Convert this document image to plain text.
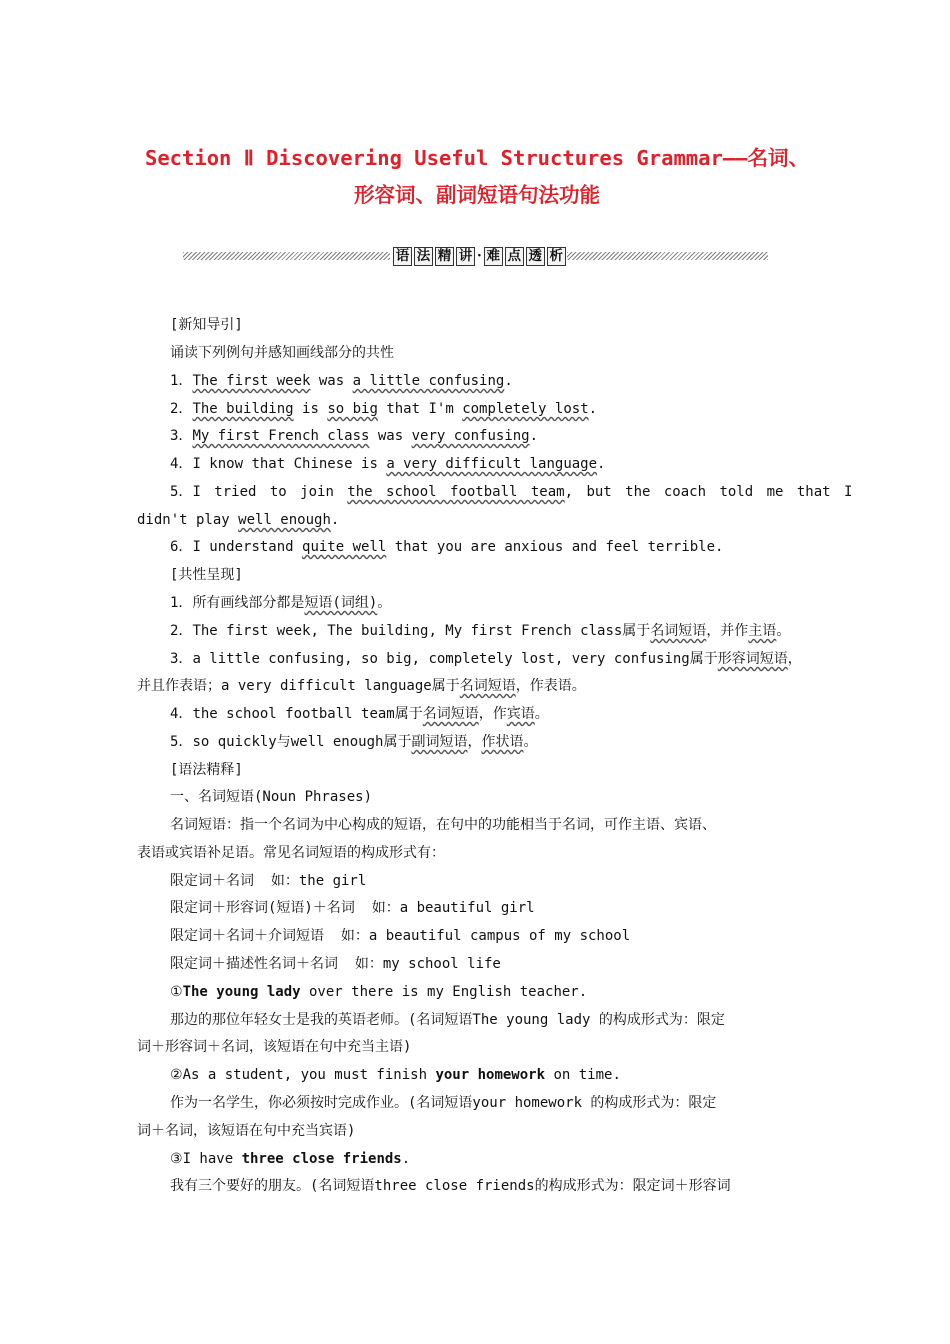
Section Ⅱ Discovering Useful Structures Grammar——名词、
形容词、副词短语句法功能
语 法 精 讲 · 难 点 透 析
[新知导引]
诵读下列例句并感知画线部分的共性
1．The first week was a little confusing.
2．The building is so big that I'm completely lost.
3．My first French class was very confusing.
4．I know that Chinese is a very difficult language.
5．I tried to join the school football team, but the coach told me that I
didn't play well enough.
6．I understand quite well that you are anxious and feel terrible.
[共性呈现]
1．所有画线部分都是短语(词组)。
2．The first week, The building, My first French class属于名词短语，并作主语。
3．a little confusing, so big, completely lost, very confusing属于形容词短语，
并且作表语；a very difficult language属于名词短语，作表语。
4．the school football team属于名词短语，作宾语。
5．so quickly与well enough属于副词短语，作状语。
[语法精释]
一、名词短语(Noun Phrases)
名词短语：指一个名词为中心构成的短语，在句中的功能相当于名词，可作主语、宾语、
表语或宾语补足语。常见名词短语的构成形式有：
限定词＋名词  如：the girl
限定词＋形容词(短语)＋名词  如：a beautiful girl
限定词＋名词＋介词短语  如：a beautiful campus of my school
限定词＋描述性名词＋名词  如：my school life
①The young lady over there is my English teacher.
那边的那位年轻女士是我的英语老师。(名词短语The young lady 的构成形式为：限定
词＋形容词＋名词，该短语在句中充当主语)
②As a student, you must finish your homework on time.
作为一名学生，你必须按时完成作业。(名词短语your homework 的构成形式为：限定
词＋名词，该短语在句中充当宾语)
③I have three close friends.
我有三个要好的朋友。(名词短语three close friends的构成形式为：限定词＋形容词
